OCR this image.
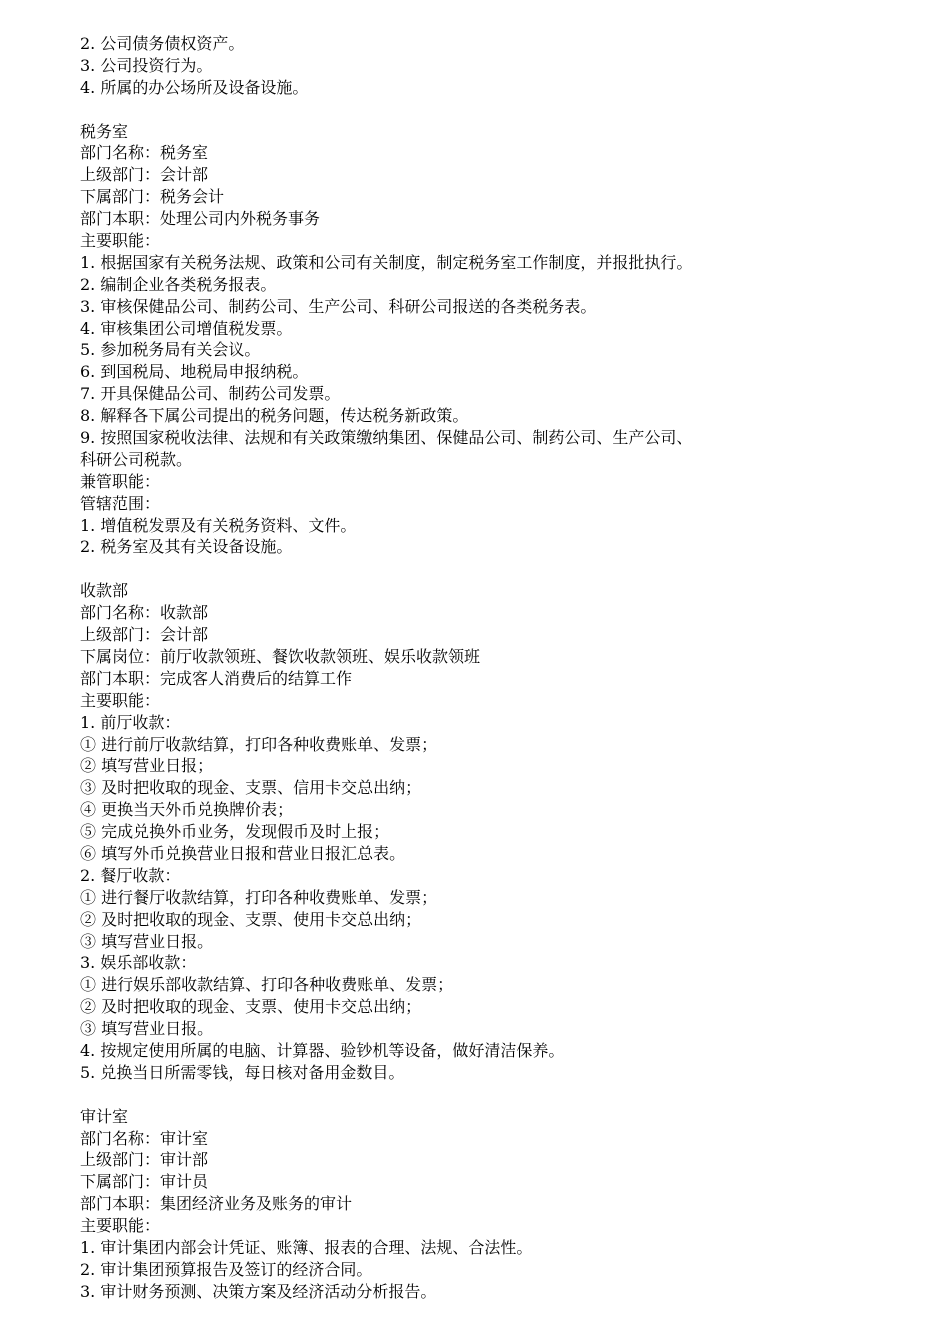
2. 公司债务债权资产。
3. 公司投资行为。
4. 所属的办公场所及设备设施。
税务室
部门名称：税务室
上级部门：会计部
下属部门：税务会计
部门本职：处理公司内外税务事务
主要职能：
1. 根据国家有关税务法规、政策和公司有关制度，制定税务室工作制度，并报批执行。
2. 编制企业各类税务报表。
3. 审核保健品公司、制药公司、生产公司、科研公司报送的各类税务表。
4. 审核集团公司增值税发票。
5. 参加税务局有关会议。
6. 到国税局、地税局申报纳税。
7. 开具保健品公司、制药公司发票。
8. 解释各下属公司提出的税务问题，传达税务新政策。
9. 按照国家税收法律、法规和有关政策缴纳集团、保健品公司、制药公司、生产公司、
科研公司税款。
兼管职能：
管辖范围：
1. 增值税发票及有关税务资料、文件。
2. 税务室及其有关设备设施。
收款部
部门名称：收款部
上级部门：会计部
下属岗位：前厅收款领班、餐饮收款领班、娱乐收款领班
部门本职：完成客人消费后的结算工作
主要职能：
1. 前厅收款：
① 进行前厅收款结算，打印各种收费账单、发票；
② 填写营业日报；
③ 及时把收取的现金、支票、信用卡交总出纳；
④ 更换当天外币兑换牌价表；
⑤ 完成兑换外币业务，发现假币及时上报；
⑥ 填写外币兑换营业日报和营业日报汇总表。
2. 餐厅收款：
① 进行餐厅收款结算，打印各种收费账单、发票；
② 及时把收取的现金、支票、使用卡交总出纳；
③ 填写营业日报。
3. 娱乐部收款：
① 进行娱乐部收款结算、打印各种收费账单、发票；
② 及时把收取的现金、支票、使用卡交总出纳；
③ 填写营业日报。
4. 按规定使用所属的电脑、计算器、验钞机等设备，做好清洁保养。
5. 兑换当日所需零钱，每日核对备用金数目。
审计室
部门名称：审计室
上级部门：审计部
下属部门：审计员
部门本职：集团经济业务及账务的审计
主要职能：
1. 审计集团内部会计凭证、账簿、报表的合理、法规、合法性。
2. 审计集团预算报告及签订的经济合同。
3. 审计财务预测、决策方案及经济活动分析报告。
